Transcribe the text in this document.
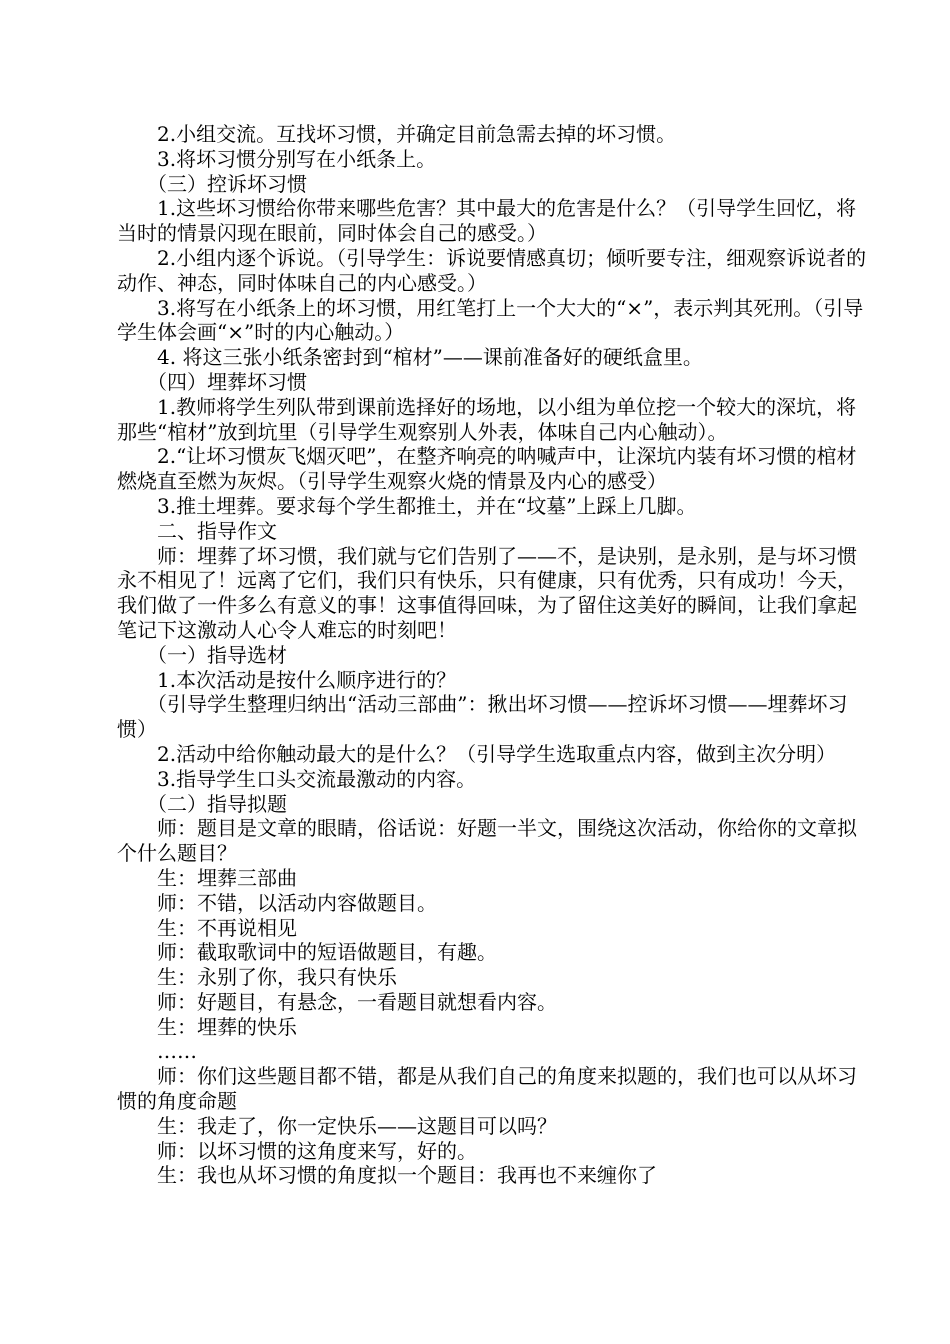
2.小组交流。互找坏习惯，并确定目前急需去掉的坏习惯。

3.将坏习惯分别写在小纸条上。

（三）控诉坏习惯

1.这些坏习惯给你带来哪些危害？其中最大的危害是什么？（引导学生回忆，将当时的情景闪现在眼前，同时体会自己的感受。）

2.小组内逐个诉说。（引导学生：诉说要情感真切；倾听要专注，细观察诉说者的动作、神态，同时体味自己的内心感受。）

3.将写在小纸条上的坏习惯，用红笔打上一个大大的“×”，表示判其死刑。（引导学生体会画“×”时的内心触动。）

4. 将这三张小纸条密封到“棺材”——课前准备好的硬纸盒里。

（四）埋葬坏习惯

1.教师将学生列队带到课前选择好的场地，以小组为单位挖一个较大的深坑，将那些“棺材”放到坑里（引导学生观察别人外表，体味自己内心触动）。

2.“让坏习惯灰飞烟灭吧”，在整齐响亮的呐喊声中，让深坑内装有坏习惯的棺材燃烧直至燃为灰烬。（引导学生观察火烧的情景及内心的感受）

3.推土埋葬。要求每个学生都推土，并在“坟墓”上踩上几脚。

二、指导作文

师：埋葬了坏习惯，我们就与它们告别了——不，是诀别，是永别，是与坏习惯永不相见了！远离了它们，我们只有快乐，只有健康，只有优秀，只有成功！今天，我们做了一件多么有意义的事！这事值得回味，为了留住这美好的瞬间，让我们拿起笔记下这激动人心令人难忘的时刻吧！

（一）指导选材

1.本次活动是按什么顺序进行的？

（引导学生整理归纳出“活动三部曲”：揪出坏习惯——控诉坏习惯——埋葬坏习惯）

2.活动中给你触动最大的是什么？（引导学生选取重点内容，做到主次分明）

3.指导学生口头交流最激动的内容。

（二）指导拟题

师：题目是文章的眼睛，俗话说：好题一半文，围绕这次活动，你给你的文章拟个什么题目？

生：埋葬三部曲

师：不错，以活动内容做题目。

生：不再说相见

师：截取歌词中的短语做题目，有趣。

生：永别了你，我只有快乐

师：好题目，有悬念，一看题目就想看内容。

生：埋葬的快乐

……

师：你们这些题目都不错，都是从我们自己的角度来拟题的，我们也可以从坏习惯的角度命题

生：我走了，你一定快乐——这题目可以吗？

师：以坏习惯的这角度来写，好的。

生：我也从坏习惯的角度拟一个题目：我再也不来缠你了
